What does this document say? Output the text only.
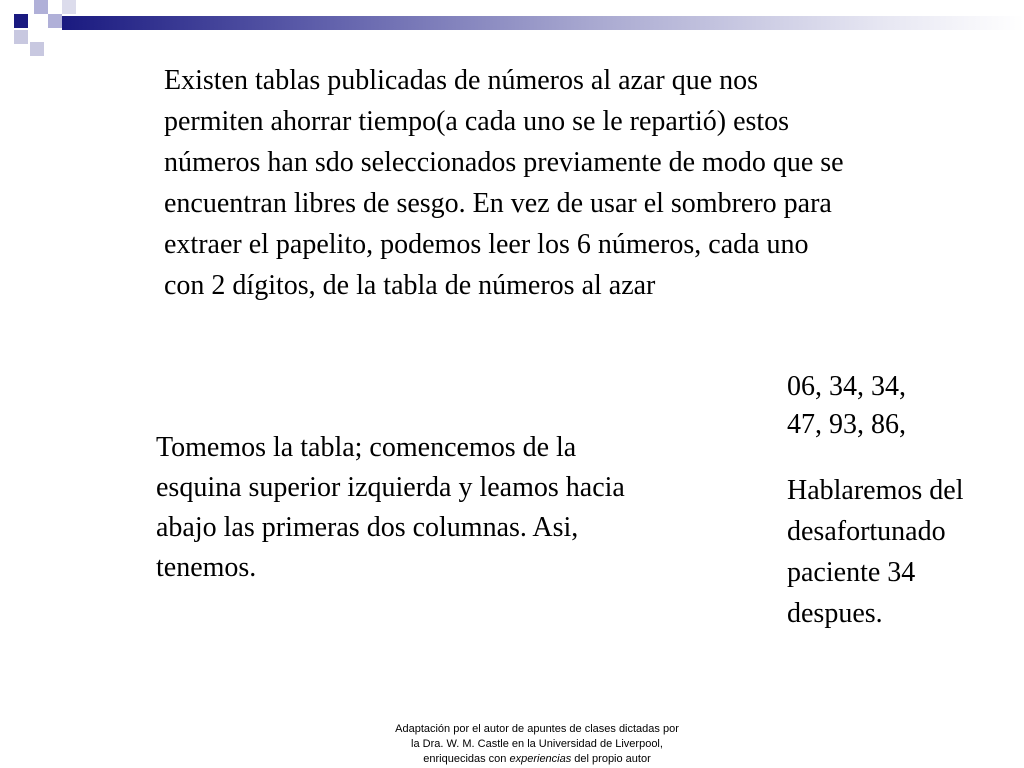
Existen tablas publicadas de números al azar que nos permiten ahorrar tiempo(a cada uno se le repartió) estos números han sdo seleccionados previamente de modo que se encuentran libres de sesgo. En vez de usar el sombrero para extraer el papelito, podemos leer los 6 números, cada uno con 2 dígitos, de la tabla de números al azar
Tomemos la tabla; comencemos de la esquina superior izquierda y leamos hacia abajo las primeras dos columnas. Asi, tenemos.
06, 34, 34,
47, 93, 86,
Hablaremos del desafortunado paciente 34 despues.
Adaptación por el autor de apuntes de clases dictadas por
la Dra. W. M. Castle en la Universidad de Liverpool,
enriquecidas con experiencias del propio autor
